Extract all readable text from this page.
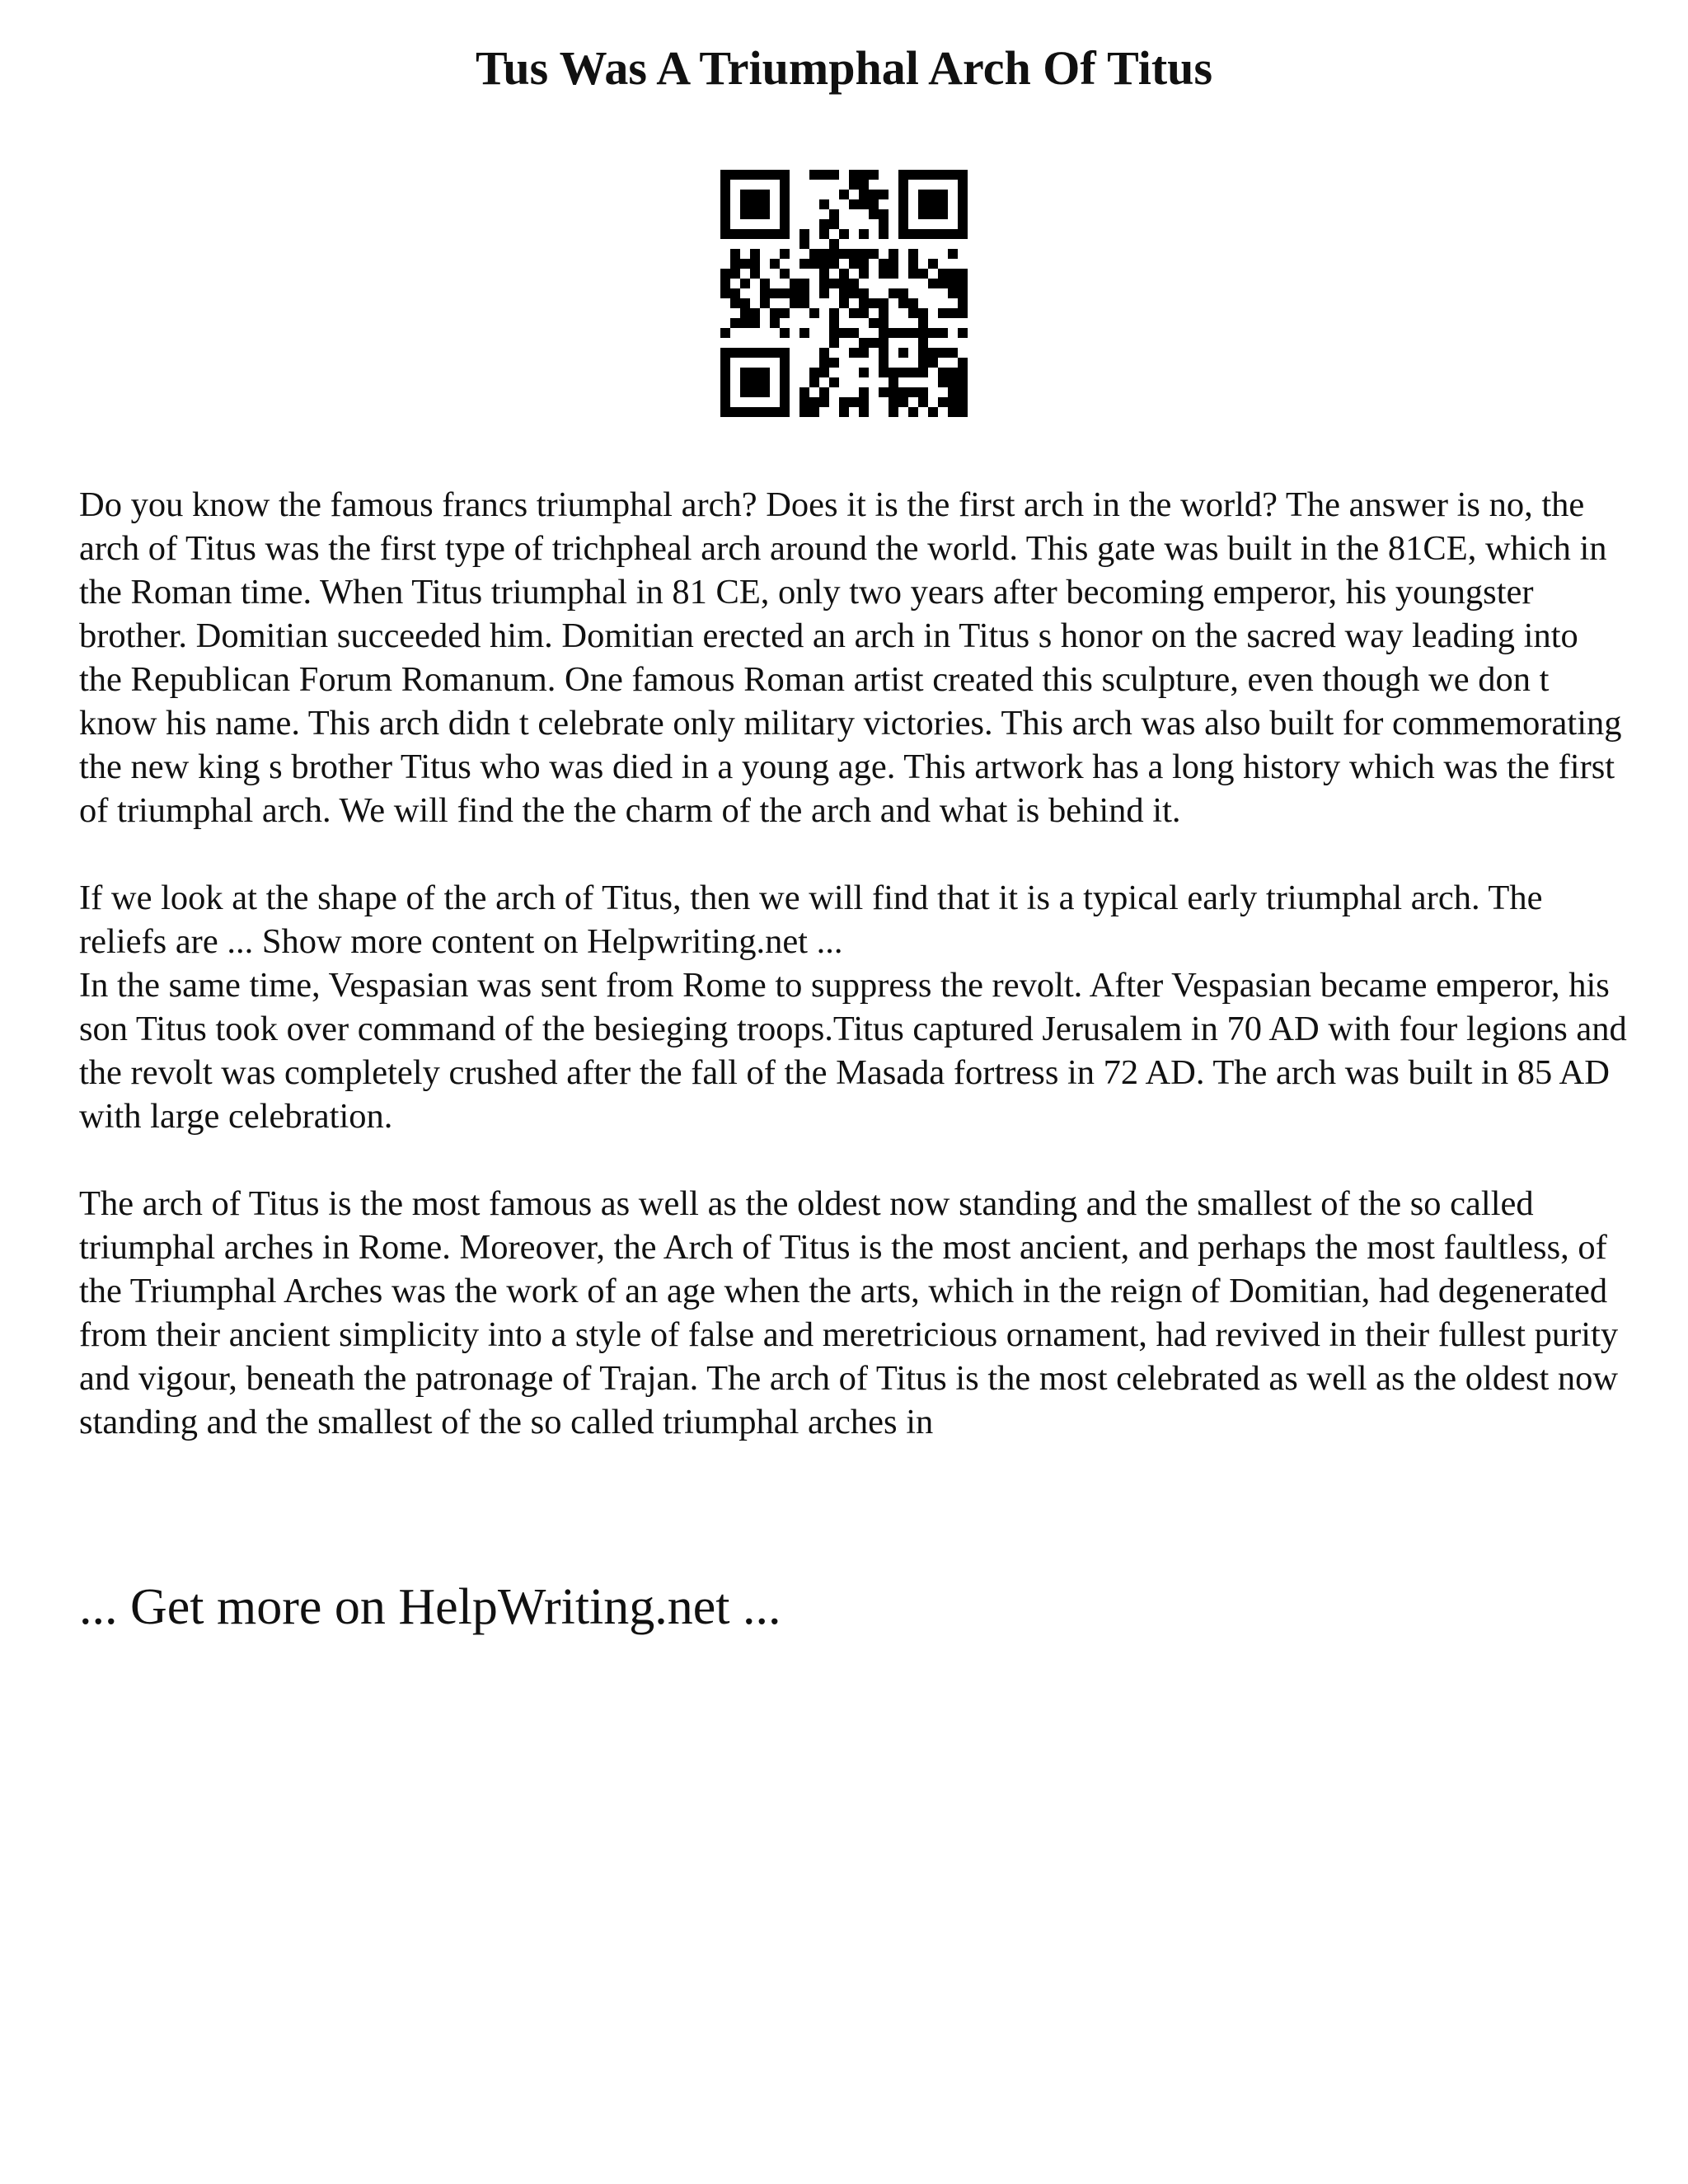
Tus Was A Triumphal Arch Of Titus

Do you know the famous francs triumphal arch? Does it is the first arch in the world? The answer is no, the arch of Titus was the first type of trichpheal arch around the world. This gate was built in the 81CE, which in the Roman time. When Titus triumphal in 81 CE, only two years after becoming emperor, his youngster brother. Domitian succeeded him. Domitian erected an arch in Titus s honor on the sacred way leading into the Republican Forum Romanum. One famous Roman artist created this sculpture, even though we don t know his name. This arch didn t celebrate only military victories. This arch was also built for commemorating the new king s brother Titus who was died in a young age. This artwork has a long history which was the first of triumphal arch. We will find the the charm of the arch and what is behind it.

If we look at the shape of the arch of Titus, then we will find that it is a typical early triumphal arch. The reliefs are ... Show more content on Helpwriting.net ...

In the same time, Vespasian was sent from Rome to suppress the revolt. After Vespasian became emperor, his son Titus took over command of the besieging troops.Titus captured Jerusalem in 70 AD with four legions and the revolt was completely crushed after the fall of the Masada fortress in 72 AD. The arch was built in 85 AD with large celebration.

The arch of Titus is the most famous as well as the oldest now standing and the smallest of the so called triumphal arches in Rome. Moreover, the Arch of Titus is the most ancient, and perhaps the most faultless, of the Triumphal Arches was the work of an age when the arts, which in the reign of Domitian, had degenerated from their ancient simplicity into a style of false and meretricious ornament, had revived in their fullest purity and vigour, beneath the patronage of Trajan. The arch of Titus is the most celebrated as well as the oldest now standing and the smallest of the so called triumphal arches in

... Get more on HelpWriting.net ...
